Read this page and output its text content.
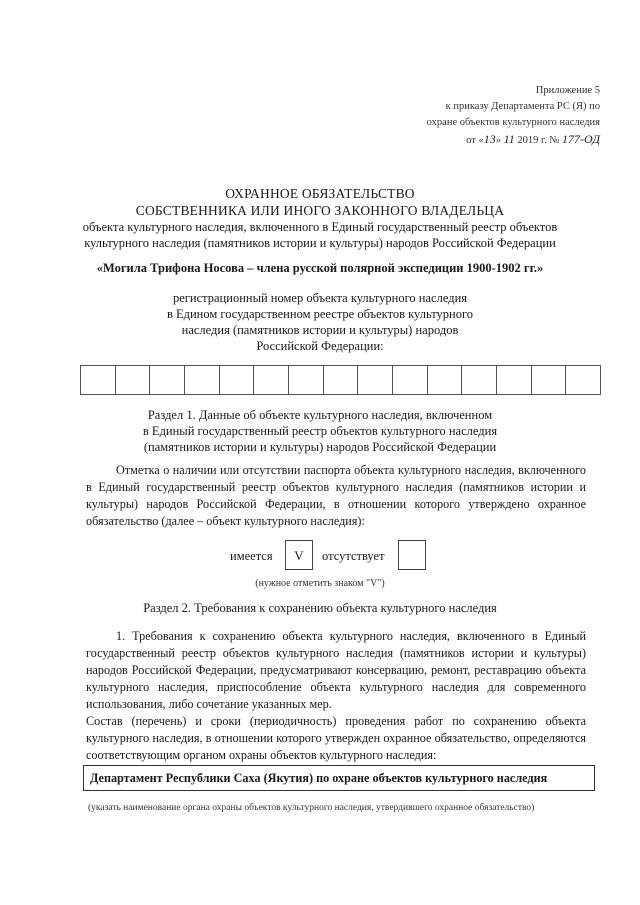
Приложение 5
к приказу Департамента РС (Я) по
охране объектов культурного наследия
от «13» 11 2019 г. № 177-ОД
ОХРАННОЕ ОБЯЗАТЕЛЬСТВО
СОБСТВЕННИКА ИЛИ ИНОГО ЗАКОННОГО ВЛАДЕЛЬЦА
объекта культурного наследия, включенного в Единый государственный реестр объектов
культурного наследия (памятников истории и культуры) народов Российской Федерации
«Могила Трифона Носова – члена русской полярной экспедиции 1900-1902 гг.»
регистрационный номер объекта культурного наследия
в Едином государственном реестре объектов культурного
наследия (памятников истории и культуры) народов
Российской Федерации:
Раздел 1. Данные об объекте культурного наследия, включенном
в Единый государственный реестр объектов культурного наследия
(памятников истории и культуры) народов Российской Федерации
Отметка о наличии или отсутствии паспорта объекта культурного наследия, включенного в Единый государственный реестр объектов культурного наследия (памятников истории и культуры) народов Российской Федерации, в отношении которого утверждено охранное обязательство (далее – объект культурного наследия):
имеется	V	отсутствует
(нужное отметить знаком "V")
Раздел 2. Требования к сохранению объекта культурного наследия
1. Требования к сохранению объекта культурного наследия, включенного в Единый государственный реестр объектов культурного наследия (памятников истории и культуры) народов Российской Федерации, предусматривают консервацию, ремонт, реставрацию объекта культурного наследия, приспособление объекта культурного наследия для современного использования, либо сочетание указанных мер.
Состав (перечень) и сроки (периодичность) проведения работ по сохранению объекта культурного наследия, в отношении которого утвержден охранное обязательство, определяются соответствующим органом охраны объектов культурного наследия:
Департамент Республики Саха (Якутия) по охране объектов культурного наследия
(указать наименование органа охраны объектов культурного наследия, утвердившего охранное обязательство)
